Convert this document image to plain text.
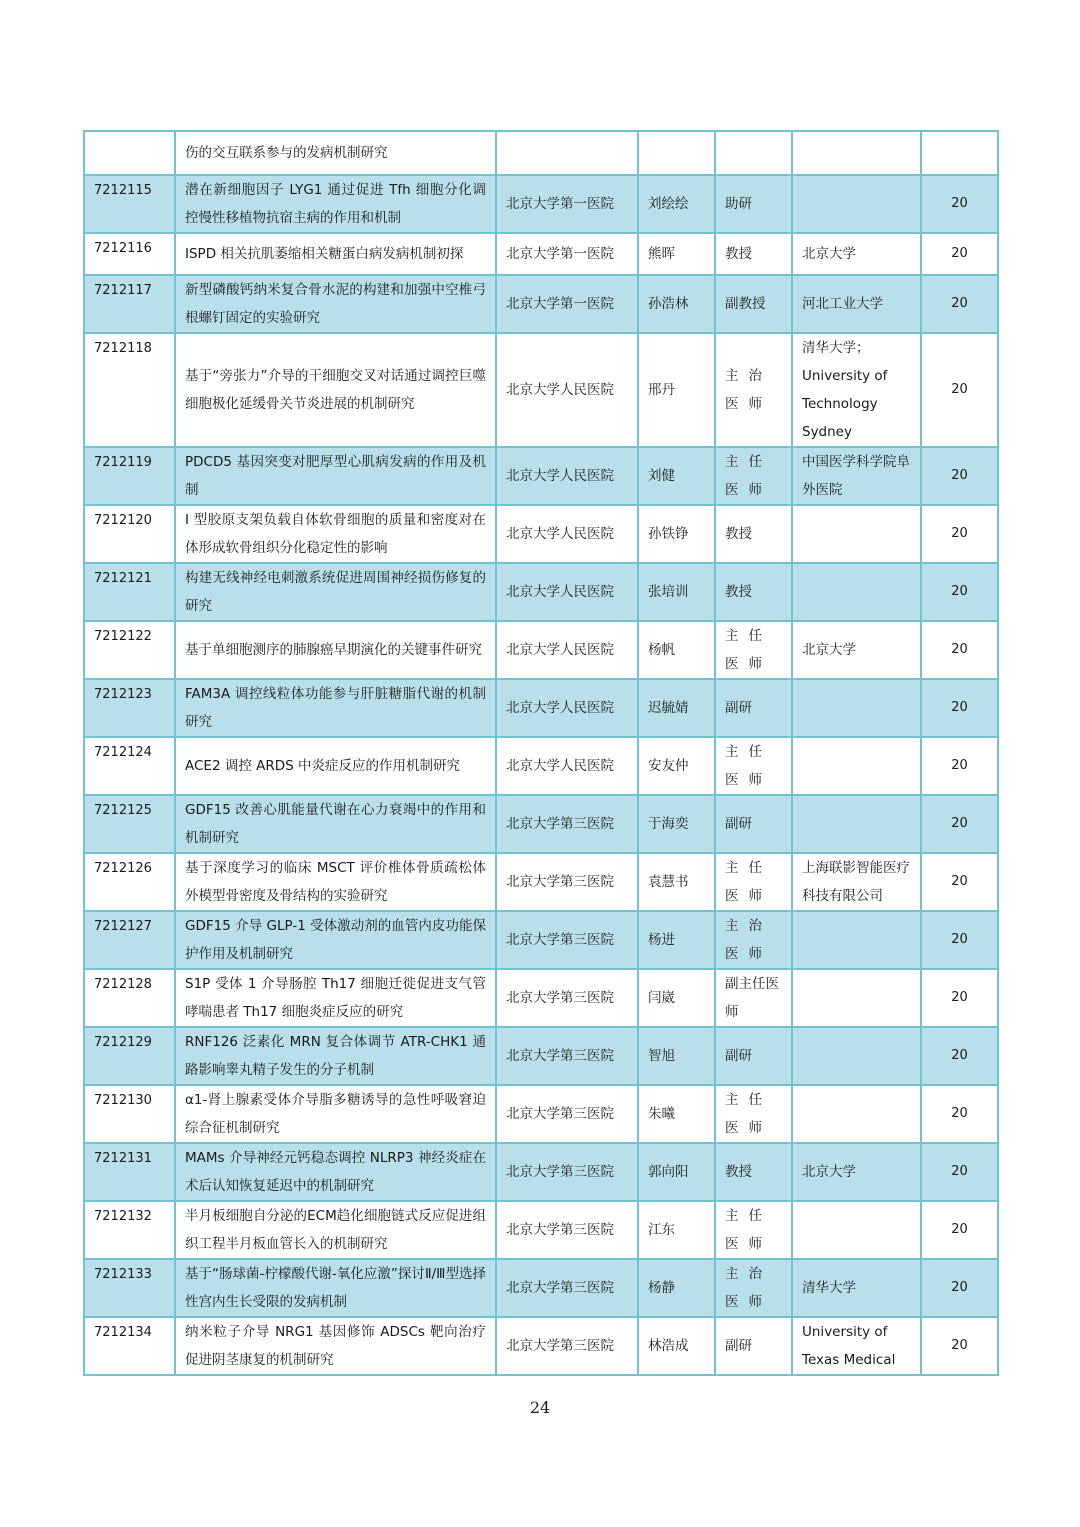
	伤的交互联系参与的发病机制研究					
7212115	潜在新细胞因子 LYG1 通过促进 Tfh 细胞分化调控慢性移植物抗宿主病的作用和机制	北京大学第一医院	刘绘绘	助研		20
7212116	ISPD 相关抗肌萎缩相关糖蛋白病发病机制初探	北京大学第一医院	熊晖	教授	北京大学	20
7212117	新型磷酸钙纳米复合骨水泥的构建和加强中空椎弓根螺钉固定的实验研究	北京大学第一医院	孙浩林	副教授	河北工业大学	20
7212118	基于“旁张力”介导的干细胞交叉对话通过调控巨噬细胞极化延缓骨关节炎进展的机制研究	北京大学人民医院	邢丹	主治医师	清华大学；University of Technology Sydney	20
7212119	PDCD5 基因突变对肥厚型心肌病发病的作用及机制	北京大学人民医院	刘健	主任医师	中国医学科学院阜外医院	20
7212120	I 型胶原支架负载自体软骨细胞的质量和密度对在体形成软骨组织分化稳定性的影响	北京大学人民医院	孙铁铮	教授		20
7212121	构建无线神经电刺激系统促进周围神经损伤修复的研究	北京大学人民医院	张培训	教授		20
7212122	基于单细胞测序的肺腺癌早期演化的关键事件研究	北京大学人民医院	杨帆	主任医师	北京大学	20
7212123	FAM3A 调控线粒体功能参与肝脏糖脂代谢的机制研究	北京大学人民医院	迟毓婧	副研		20
7212124	ACE2 调控 ARDS 中炎症反应的作用机制研究	北京大学人民医院	安友仲	主任医师		20
7212125	GDF15 改善心肌能量代谢在心力衰竭中的作用和机制研究	北京大学第三医院	于海奕	副研		20
7212126	基于深度学习的临床 MSCT 评价椎体骨质疏松体外模型骨密度及骨结构的实验研究	北京大学第三医院	袁慧书	主任医师	上海联影智能医疗科技有限公司	20
7212127	GDF15 介导 GLP-1 受体激动剂的血管内皮功能保护作用及机制研究	北京大学第三医院	杨进	主治医师		20
7212128	S1P 受体 1 介导肠腔 Th17 细胞迁徙促进支气管哮喘患者 Th17 细胞炎症反应的研究	北京大学第三医院	闫崴	副主任医师		20
7212129	RNF126 泛素化 MRN 复合体调节 ATR-CHK1 通路影响睾丸精子发生的分子机制	北京大学第三医院	智旭	副研		20
7212130	α1-肾上腺素受体介导脂多糖诱导的急性呼吸窘迫综合征机制研究	北京大学第三医院	朱曦	主任医师		20
7212131	MAMs 介导神经元钙稳态调控 NLRP3 神经炎症在术后认知恢复延迟中的机制研究	北京大学第三医院	郭向阳	教授	北京大学	20
7212132	半月板细胞自分泌的ECM趋化细胞链式反应促进组织工程半月板血管长入的机制研究	北京大学第三医院	江东	主任医师		20
7212133	基于“肠球菌-柠檬酸代谢-氧化应激”探讨Ⅱ/Ⅲ型选择性宫内生长受限的发病机制	北京大学第三医院	杨静	主治医师	清华大学	20
7212134	纳米粒子介导 NRG1 基因修饰 ADSCs 靶向治疗促进阴茎康复的机制研究	北京大学第三医院	林浩成	副研	University of Texas Medical	20
24
